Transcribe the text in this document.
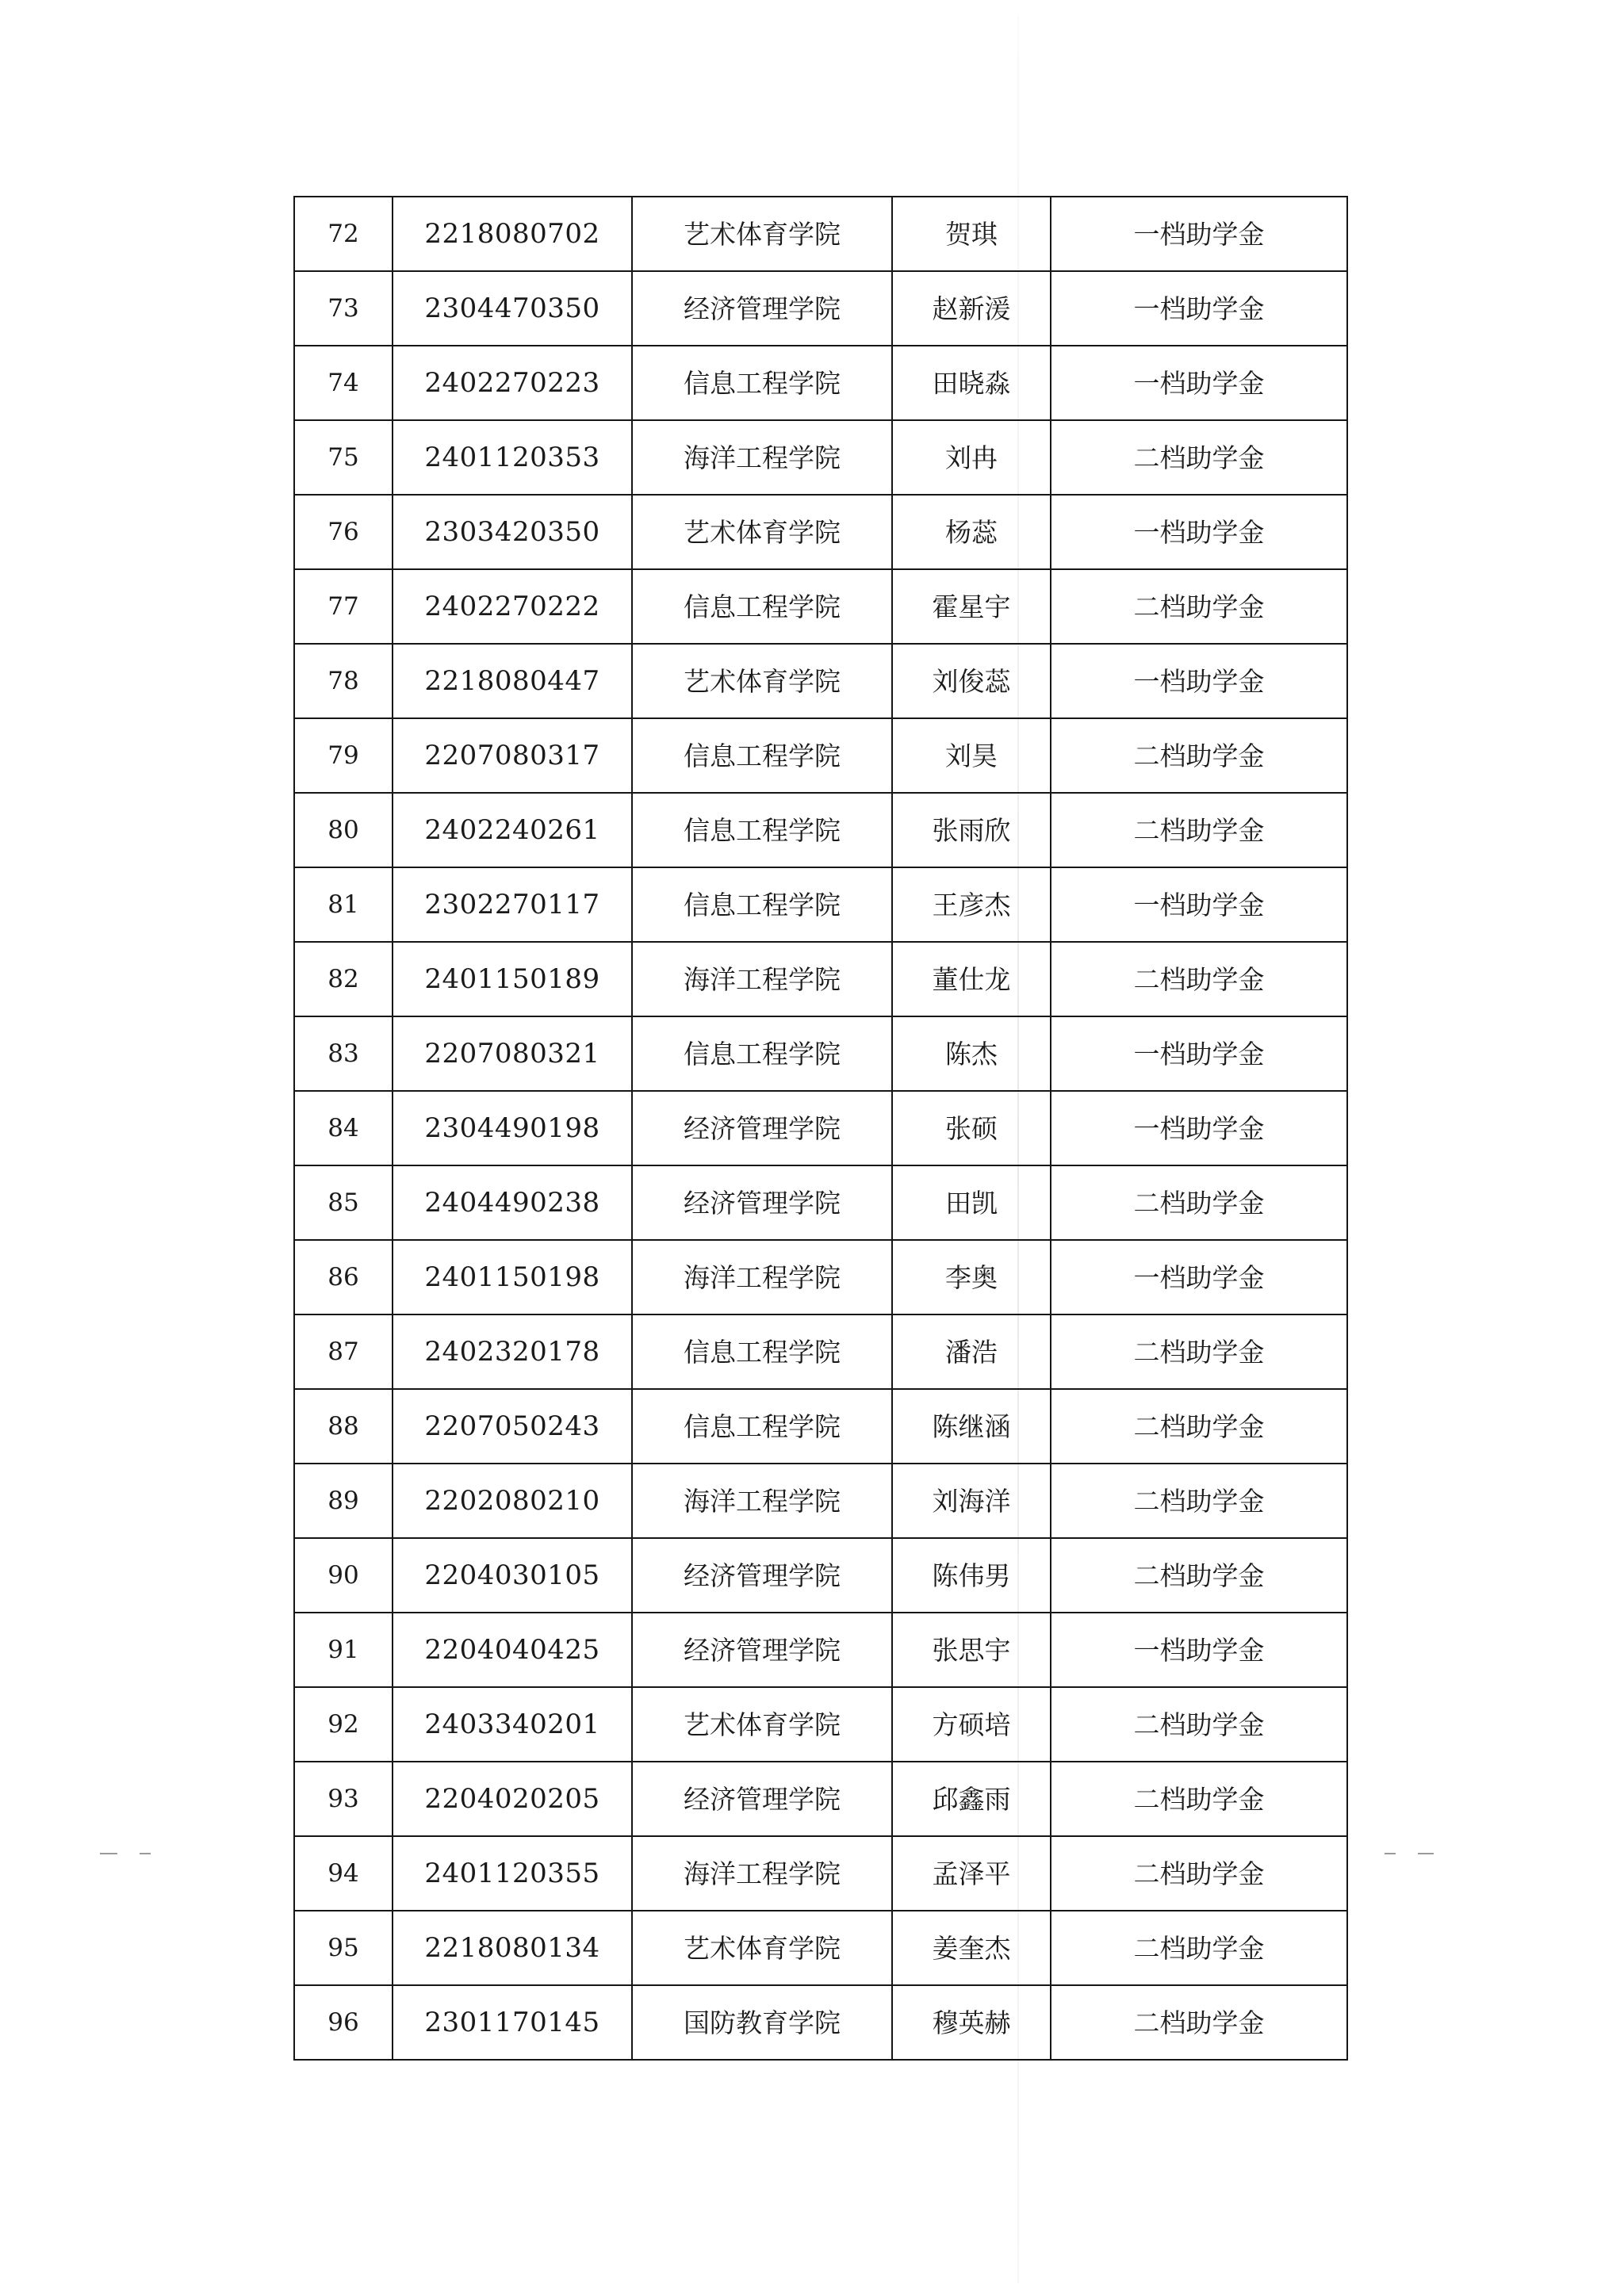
72	2218080702	艺术体育学院	贺琪	一档助学金
73	2304470350	经济管理学院	赵新湲	一档助学金
74	2402270223	信息工程学院	田晓淼	一档助学金
75	2401120353	海洋工程学院	刘冉	二档助学金
76	2303420350	艺术体育学院	杨蕊	一档助学金
77	2402270222	信息工程学院	霍星宇	二档助学金
78	2218080447	艺术体育学院	刘俊蕊	一档助学金
79	2207080317	信息工程学院	刘昊	二档助学金
80	2402240261	信息工程学院	张雨欣	二档助学金
81	2302270117	信息工程学院	王彦杰	一档助学金
82	2401150189	海洋工程学院	董仕龙	二档助学金
83	2207080321	信息工程学院	陈杰	一档助学金
84	2304490198	经济管理学院	张硕	一档助学金
85	2404490238	经济管理学院	田凯	二档助学金
86	2401150198	海洋工程学院	李奥	一档助学金
87	2402320178	信息工程学院	潘浩	二档助学金
88	2207050243	信息工程学院	陈继涵	二档助学金
89	2202080210	海洋工程学院	刘海洋	二档助学金
90	2204030105	经济管理学院	陈伟男	二档助学金
91	2204040425	经济管理学院	张思宇	一档助学金
92	2403340201	艺术体育学院	方硕培	二档助学金
93	2204020205	经济管理学院	邱鑫雨	二档助学金
94	2401120355	海洋工程学院	孟泽平	二档助学金
95	2218080134	艺术体育学院	姜奎杰	二档助学金
96	2301170145	国防教育学院	穆英赫	二档助学金
